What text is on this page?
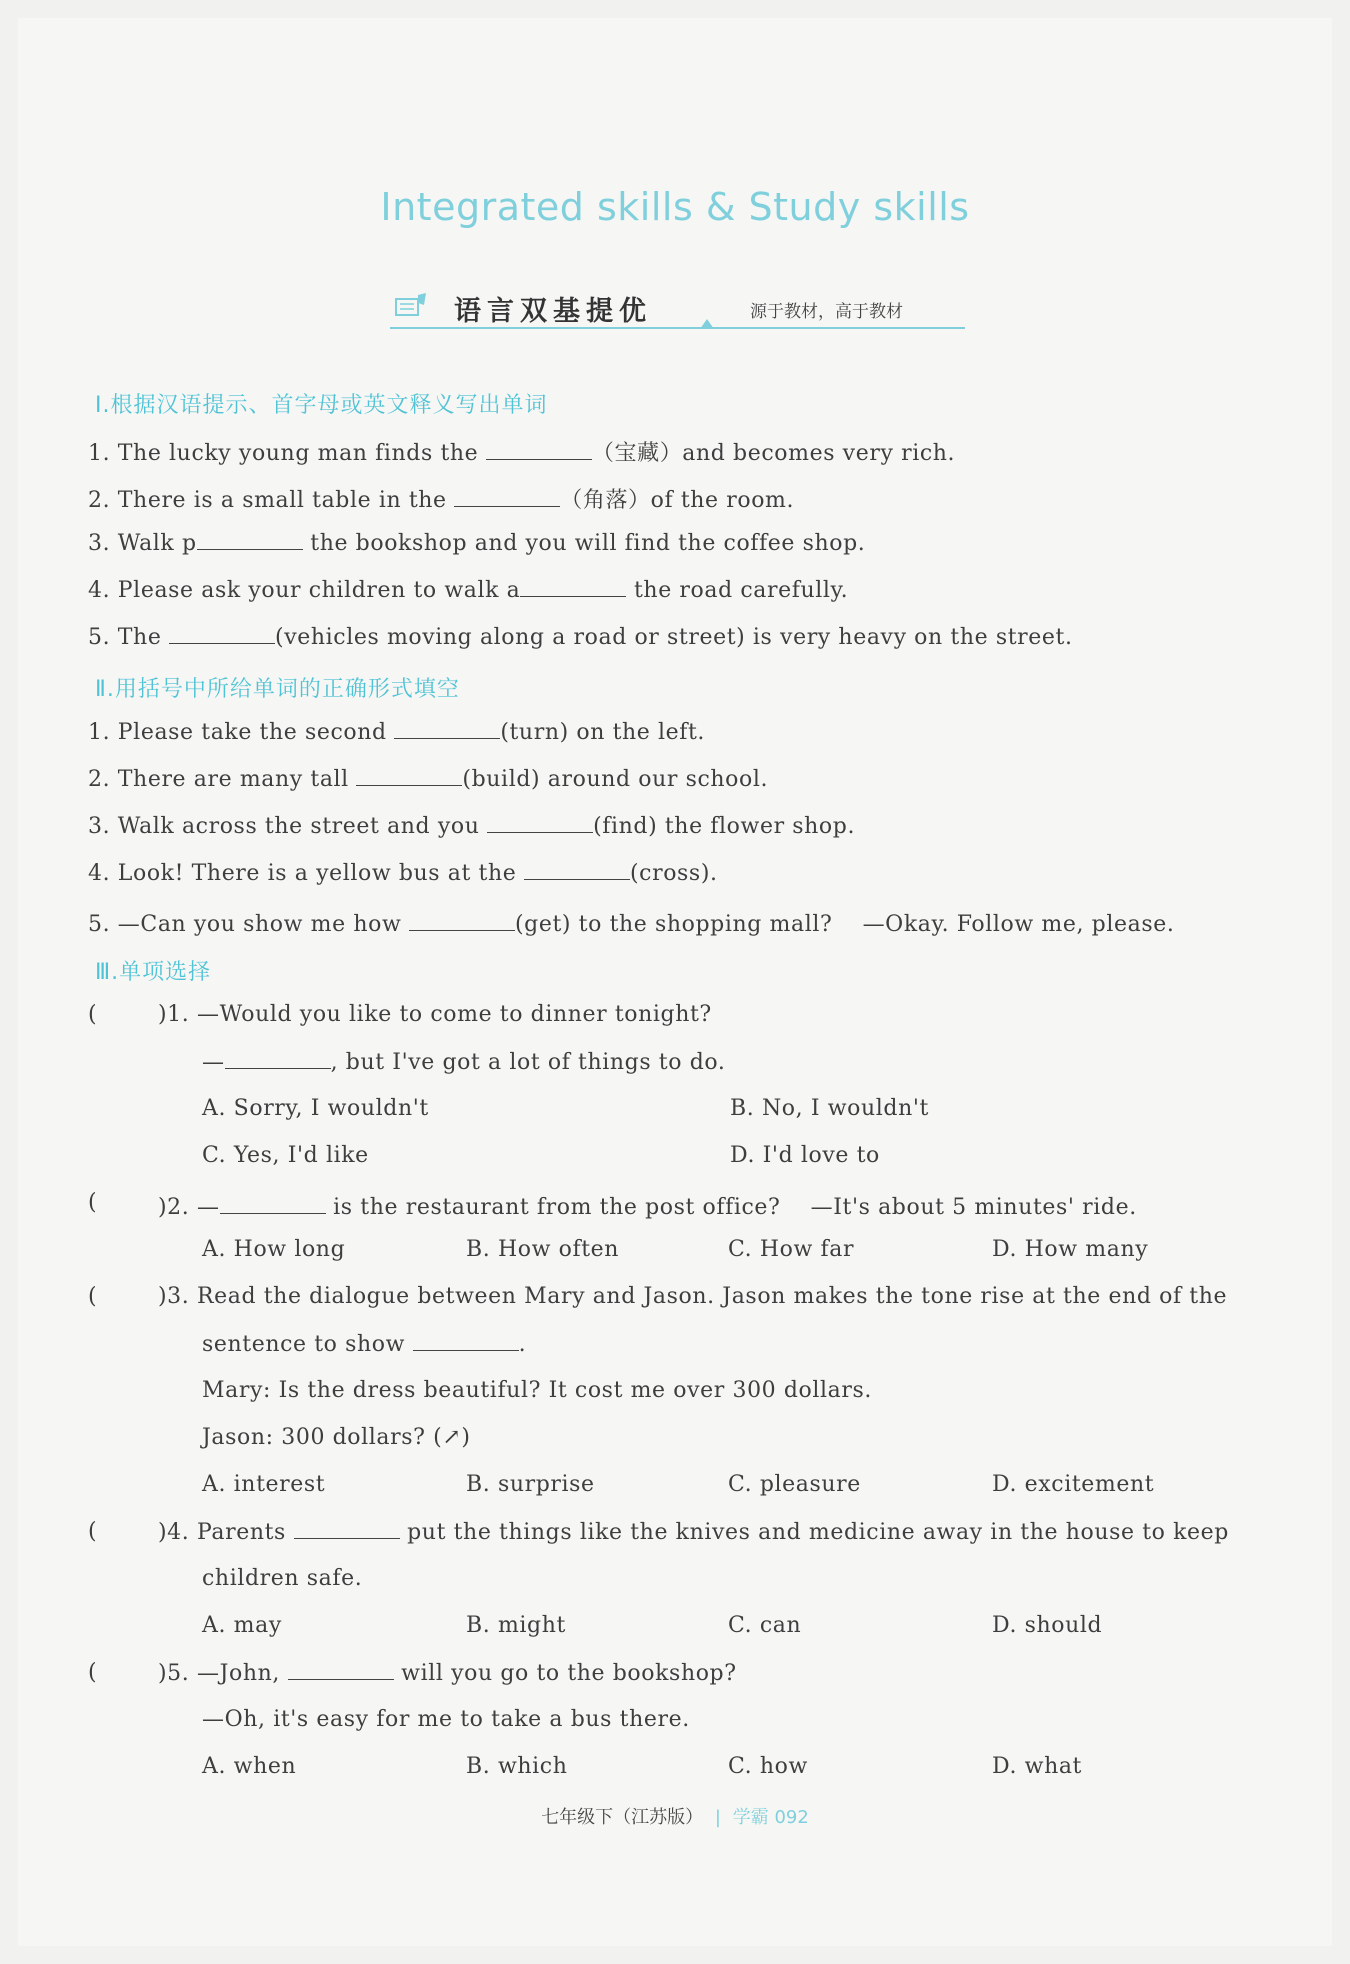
Integrated skills & Study skills
语言双基提优	源于教材，高于教材
Ⅰ.根据汉语提示、首字母或英文释义写出单词
1. The lucky young man finds the	（宝藏）and becomes very rich.
2. There is a small table in the	（角落）of the room.
3. Walk p	the bookshop and you will find the coffee shop.
4. Please ask your children to walk a	the road carefully.
5. The	(vehicles moving along a road or street) is very heavy on the street.
Ⅱ.用括号中所给单词的正确形式填空
1. Please take the second	(turn) on the left.
2. There are many tall	(build) around our school.
3. Walk across the street and you	(find) the flower shop.
4. Look! There is a yellow bus at the	(cross).
5. —Can you show me how	(get) to the shopping mall?　 —Okay. Follow me, please.
Ⅲ.单项选择
(	)1. —Would you like to come to dinner tonight?
—	, but I've got a lot of things to do.
A. Sorry, I wouldn't	B. No, I wouldn't
C. Yes, I'd like	D. I'd love to
(	)2. —	is the restaurant from the post office?　 —It's about 5 minutes' ride.
A. How long	B. How often	C. How far	D. How many
(	)3. Read the dialogue between Mary and Jason. Jason makes the tone rise at the end of the
sentence to show	.
Mary: Is the dress beautiful? It cost me over 300 dollars.
Jason: 300 dollars? (↗)
A. interest	B. surprise	C. pleasure	D. excitement
(	)4. Parents	put the things like the knives and medicine away in the house to keep
children safe.
A. may	B. might	C. can	D. should
(	)5. —John,	will you go to the bookshop?
—Oh, it's easy for me to take a bus there.
A. when	B. which	C. how	D. what
七年级下（江苏版） | 学霸 092
